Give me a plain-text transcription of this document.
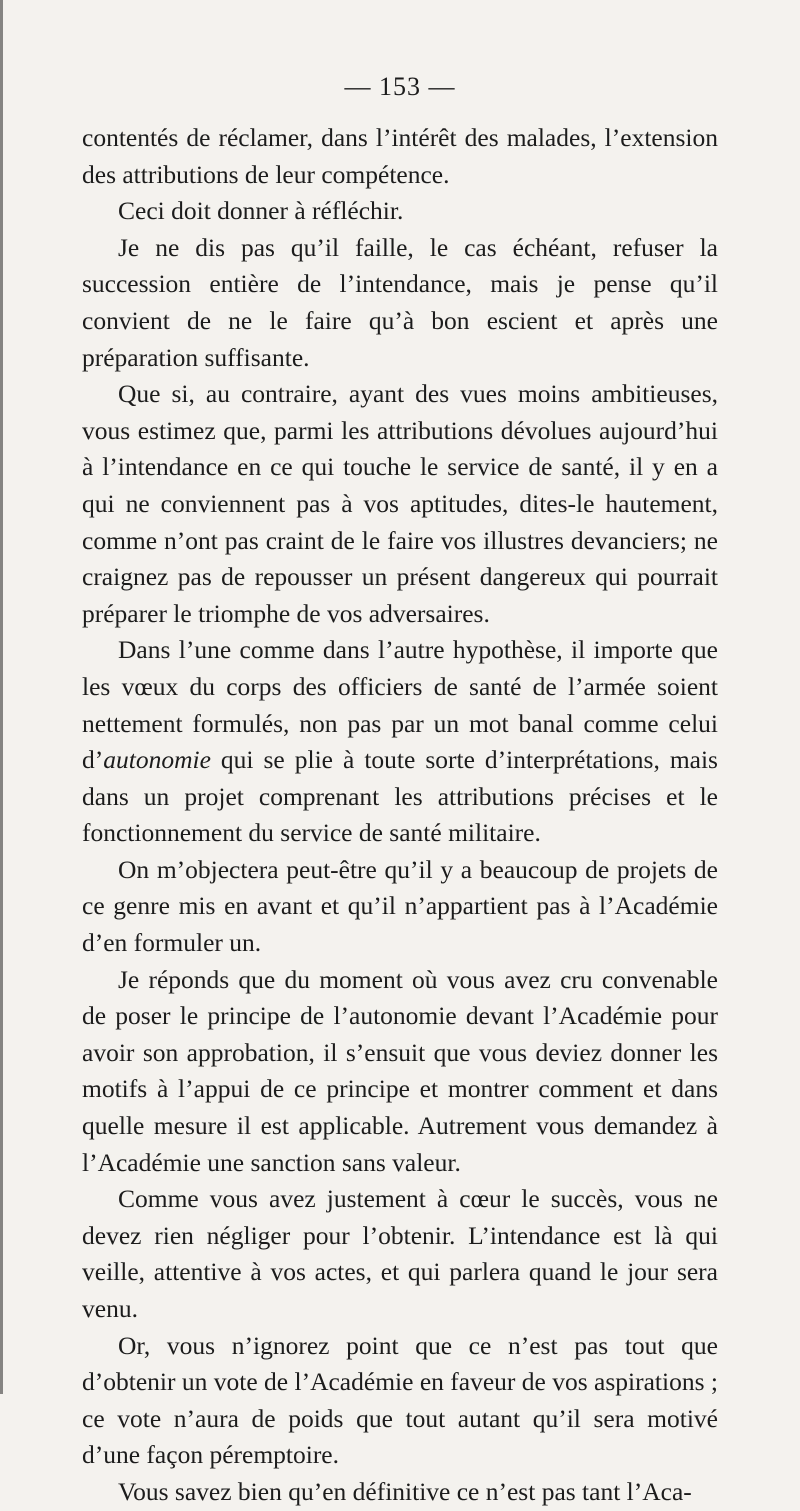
— 153 —

contentés de réclamer, dans l’intérêt des malades, l’extension des attributions de leur compétence.

Ceci doit donner à réfléchir.

Je ne dis pas qu’il faille, le cas échéant, refuser la succession entière de l’intendance, mais je pense qu’il convient de ne le faire qu’à bon escient et après une préparation suffisante.

Que si, au contraire, ayant des vues moins ambitieuses, vous estimez que, parmi les attributions dévolues aujourd’hui à l’intendance en ce qui touche le service de santé, il y en a qui ne conviennent pas à vos aptitudes, dites-le hautement, comme n’ont pas craint de le faire vos illustres devanciers; ne craignez pas de repousser un présent dangereux qui pourrait préparer le triomphe de vos adversaires.

Dans l’une comme dans l’autre hypothèse, il importe que les vœux du corps des officiers de santé de l’armée soient nettement formulés, non pas par un mot banal comme celui d’autonomie qui se plie à toute sorte d’interprétations, mais dans un projet comprenant les attributions précises et le fonctionnement du service de santé militaire.

On m’objectera peut-être qu’il y a beaucoup de projets de ce genre mis en avant et qu’il n’appartient pas à l’Académie d’en formuler un.

Je réponds que du moment où vous avez cru convenable de poser le principe de l’autonomie devant l’Académie pour avoir son approbation, il s’ensuit que vous deviez donner les motifs à l’appui de ce principe et montrer comment et dans quelle mesure il est applicable. Autrement vous demandez à l’Académie une sanction sans valeur.

Comme vous avez justement à cœur le succès, vous ne devez rien négliger pour l’obtenir. L’intendance est là qui veille, attentive à vos actes, et qui parlera quand le jour sera venu.

Or, vous n’ignorez point que ce n’est pas tout que d’obtenir un vote de l’Académie en faveur de vos aspirations ; ce vote n’aura de poids que tout autant qu’il sera motivé d’une façon péremptoire.

Vous savez bien qu’en définitive ce n’est pas tant l’Aca-
